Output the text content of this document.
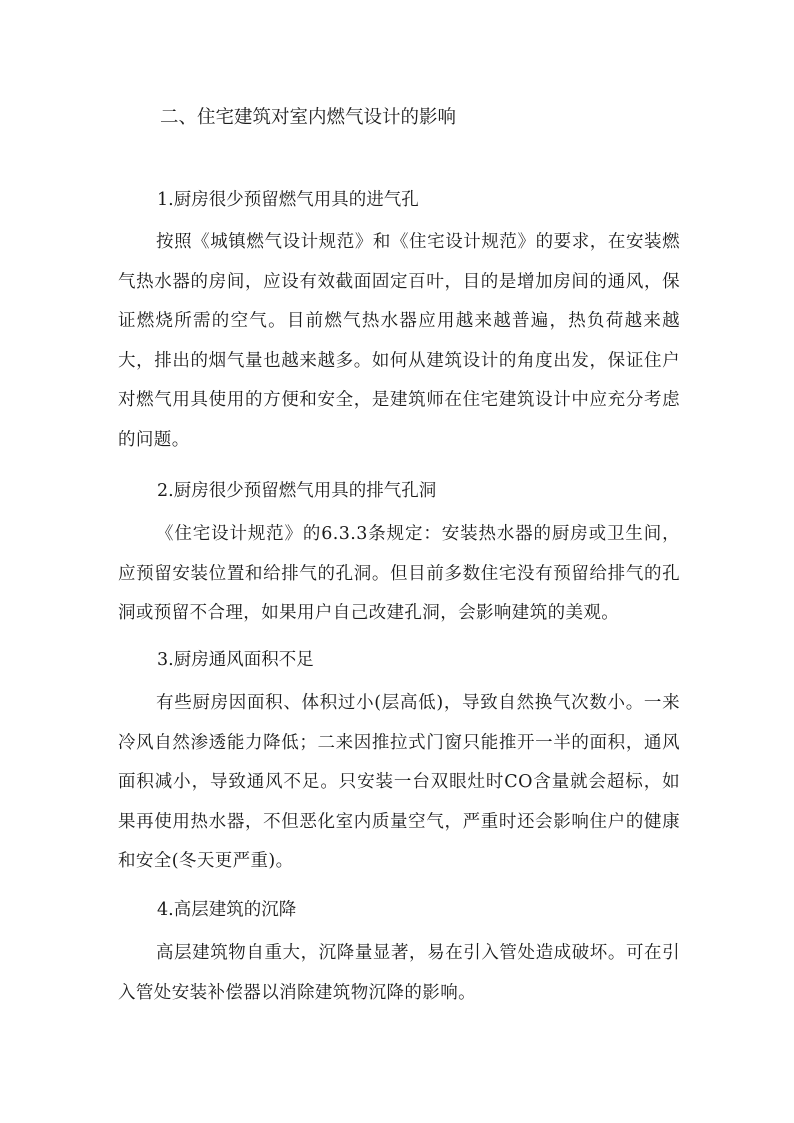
二、住宅建筑对室内燃气设计的影响
1.厨房很少预留燃气用具的进气孔
按照《城镇燃气设计规范》和《住宅设计规范》的要求，在安装燃气热水器的房间，应设有效截面固定百叶，目的是增加房间的通风，保证燃烧所需的空气。目前燃气热水器应用越来越普遍，热负荷越来越大，排出的烟气量也越来越多。如何从建筑设计的角度出发，保证住户对燃气用具使用的方便和安全，是建筑师在住宅建筑设计中应充分考虑的问题。
2.厨房很少预留燃气用具的排气孔洞
《住宅设计规范》的6.3.3条规定：安装热水器的厨房或卫生间，应预留安装位置和给排气的孔洞。但目前多数住宅没有预留给排气的孔洞或预留不合理，如果用户自己改建孔洞，会影响建筑的美观。
3.厨房通风面积不足
有些厨房因面积、体积过小(层高低)，导致自然换气次数小。一来冷风自然渗透能力降低；二来因推拉式门窗只能推开一半的面积，通风面积减小，导致通风不足。只安装一台双眼灶时CO含量就会超标，如果再使用热水器，不但恶化室内质量空气，严重时还会影响住户的健康和安全(冬天更严重)。
4.高层建筑的沉降
高层建筑物自重大，沉降量显著，易在引入管处造成破坏。可在引入管处安装补偿器以消除建筑物沉降的影响。
